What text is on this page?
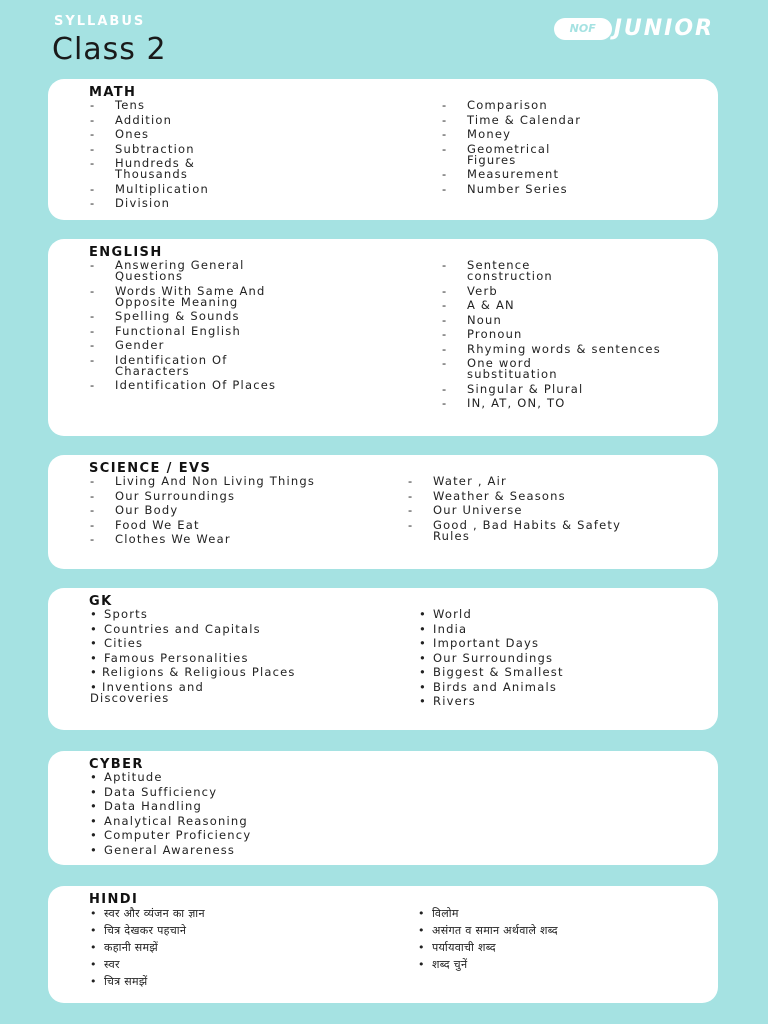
SYLLABUS
Class 2
NOF JUNIOR
MATH
- Tens
- Addition
- Ones
- Subtraction
- Hundreds & Thousands
- Multiplication
- Division
- Comparison
- Time & Calendar
- Money
- Geometrical Figures
- Measurement
- Number Series
ENGLISH
- Answering General Questions
- Words With Same And Opposite Meaning
- Spelling & Sounds
- Functional English
- Gender
- Identification Of Characters
- Identification Of Places
- Sentence construction
- Verb
- A & AN
- Noun
- Pronoun
- Rhyming words & sentences
- One word substituation
- Singular & Plural
- IN, AT, ON, TO
SCIENCE / EVS
- Living And Non Living Things
- Our Surroundings
- Our Body
- Food We Eat
- Clothes We Wear
- Water , Air
- Weather & Seasons
- Our Universe
- Good , Bad Habits & Safety Rules
GK
• Sports
• Countries and Capitals
• Cities
• Famous Personalities
• Religions & Religious Places
• Inventions and Discoveries
• World
• India
• Important Days
• Our Surroundings
• Biggest & Smallest
• Birds and Animals
• Rivers
CYBER
• Aptitude
• Data Sufficiency
• Data Handling
• Analytical Reasoning
• Computer Proficiency
• General Awareness
HINDI
• स्वर और व्यंजन का ज्ञान
• चित्र देखकर पहचाने
• कहानी समझें
• स्वर
• चित्र समझें
• विलोम
• असंगत व समान अर्थवाले शब्द
• पर्यायवाची शब्द
• शब्द चुनें
